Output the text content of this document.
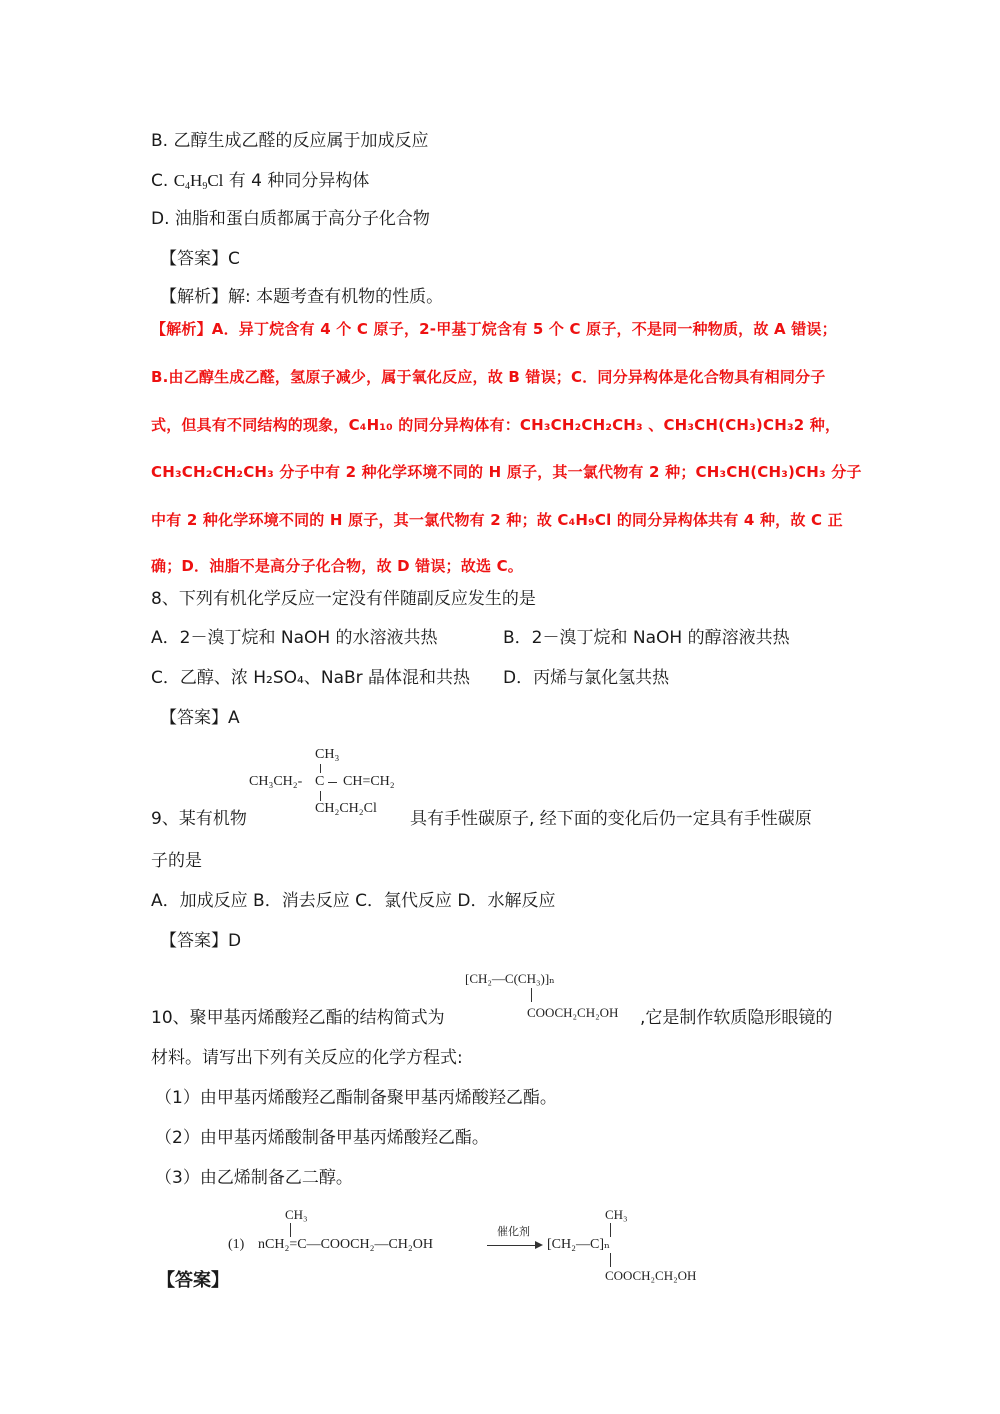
B. 乙醇生成乙醛的反应属于加成反应
C. $C_4H_9Cl$ 有 4 种同分异构体
D. 油脂和蛋白质都属于高分子化合物
【答案】C
【解析】解: 本题考查有机物的性质。
【解析】A．异丁烷含有 4 个 C 原子，2-甲基丁烷含有 5 个 C 原子，不是同一种物质，故 A 错误；
B.由乙醇生成乙醛，氢原子减少，属于氧化反应，故 B 错误；C．同分异构体是化合物具有相同分子
式，但具有不同结构的现象，C₄H₁₀ 的同分异构体有：CH₃CH₂CH₂CH₃ 、CH₃CH(CH₃)CH₃2 种，
CH₃CH₂CH₂CH₃ 分子中有 2 种化学环境不同的 H 原子，其一氯代物有 2 种；CH₃CH(CH₃)CH₃ 分子
中有 2 种化学环境不同的 H 原子，其一氯代物有 2 种；故 C₄H₉Cl 的同分异构体共有 4 种，故 C 正
确；D．油脂不是高分子化合物，故 D 错误；故选 C。
8、下列有机化学反应一定没有伴随副反应发生的是
A．2－溴丁烷和 NaOH 的水溶液共热	B．2－溴丁烷和 NaOH 的醇溶液共热
C．乙醇、浓 H₂SO₄、NaBr 晶体混和共热 D．丙烯与氯化氢共热
【答案】A
CH₃
CH₃CH₂- C CH=CH₂
CH₂CH₂Cl
9、某有机物	具有手性碳原子, 经下面的变化后仍一定具有手性碳原
子的是
A．加成反应 B．消去反应 C．氯代反应 D．水解反应
【答案】D
[CH₂—C(CH₃)]ₙ
COOCH₂CH₂OH
10、聚甲基丙烯酸羟乙酯的结构简式为	,它是制作软质隐形眼镜的
材料。请写出下列有关反应的化学方程式:
（1）由甲基丙烯酸羟乙酯制备聚甲基丙烯酸羟乙酯。
（2）由甲基丙烯酸制备甲基丙烯酸羟乙酯。
（3）由乙烯制备乙二醇。
(1)
CH₃
nCH₂=C—COOCH₂—CH₂OH
催化剂
CH₃
[CH₂—C]ₙ
COOCH₂CH₂OH
【答案】
